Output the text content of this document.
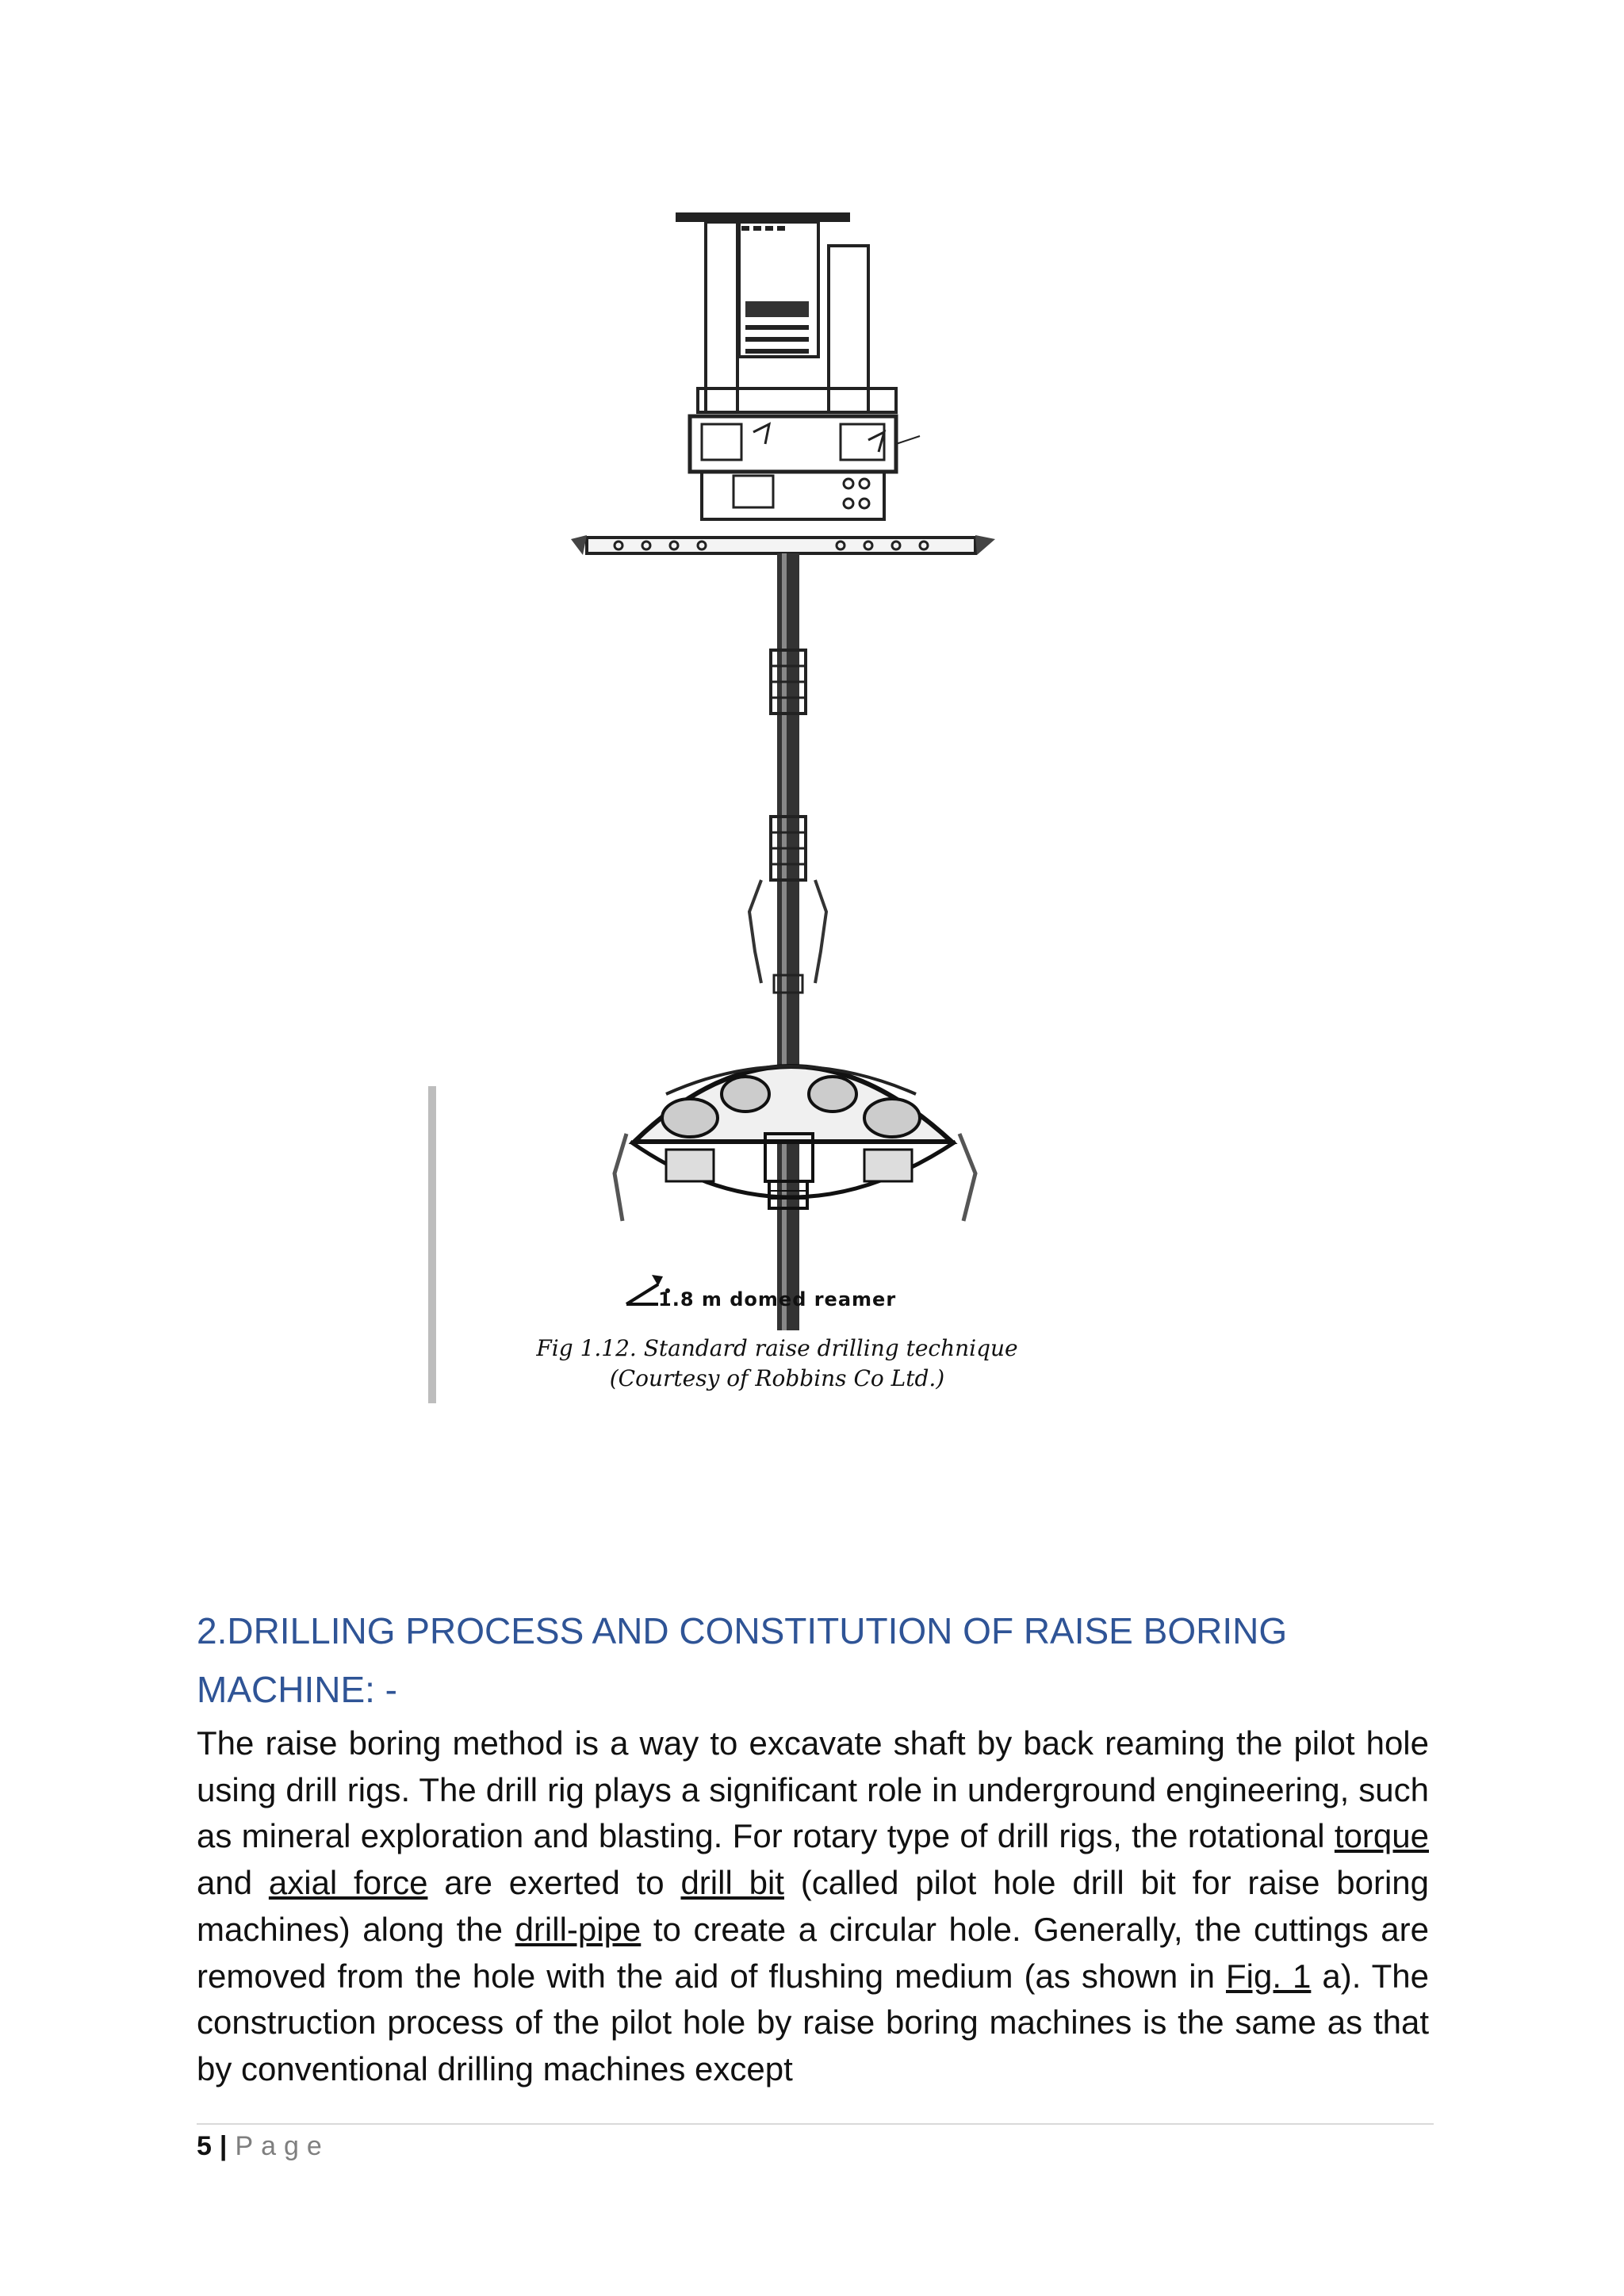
1.8 m domed reamer
Fig 1.12. Standard raise drilling technique
(Courtesy of Robbins Co Ltd.)
2.DRILLING PROCESS AND CONSTITUTION OF RAISE BORING
MACHINE: -
The raise boring method is a way to excavate shaft by back reaming the pilot hole using drill rigs. The drill rig plays a significant role in underground engineering, such as mineral exploration and blasting. For rotary type of drill rigs, the rotational torque and axial force are exerted to drill bit (called pilot hole drill bit for raise boring machines) along the drill-pipe to create a circular hole. Generally, the cuttings are removed from the hole with the aid of flushing medium (as shown in Fig. 1 a). The construction process of the pilot hole by raise boring machines is the same as that by conventional drilling machines except
5 | Page
